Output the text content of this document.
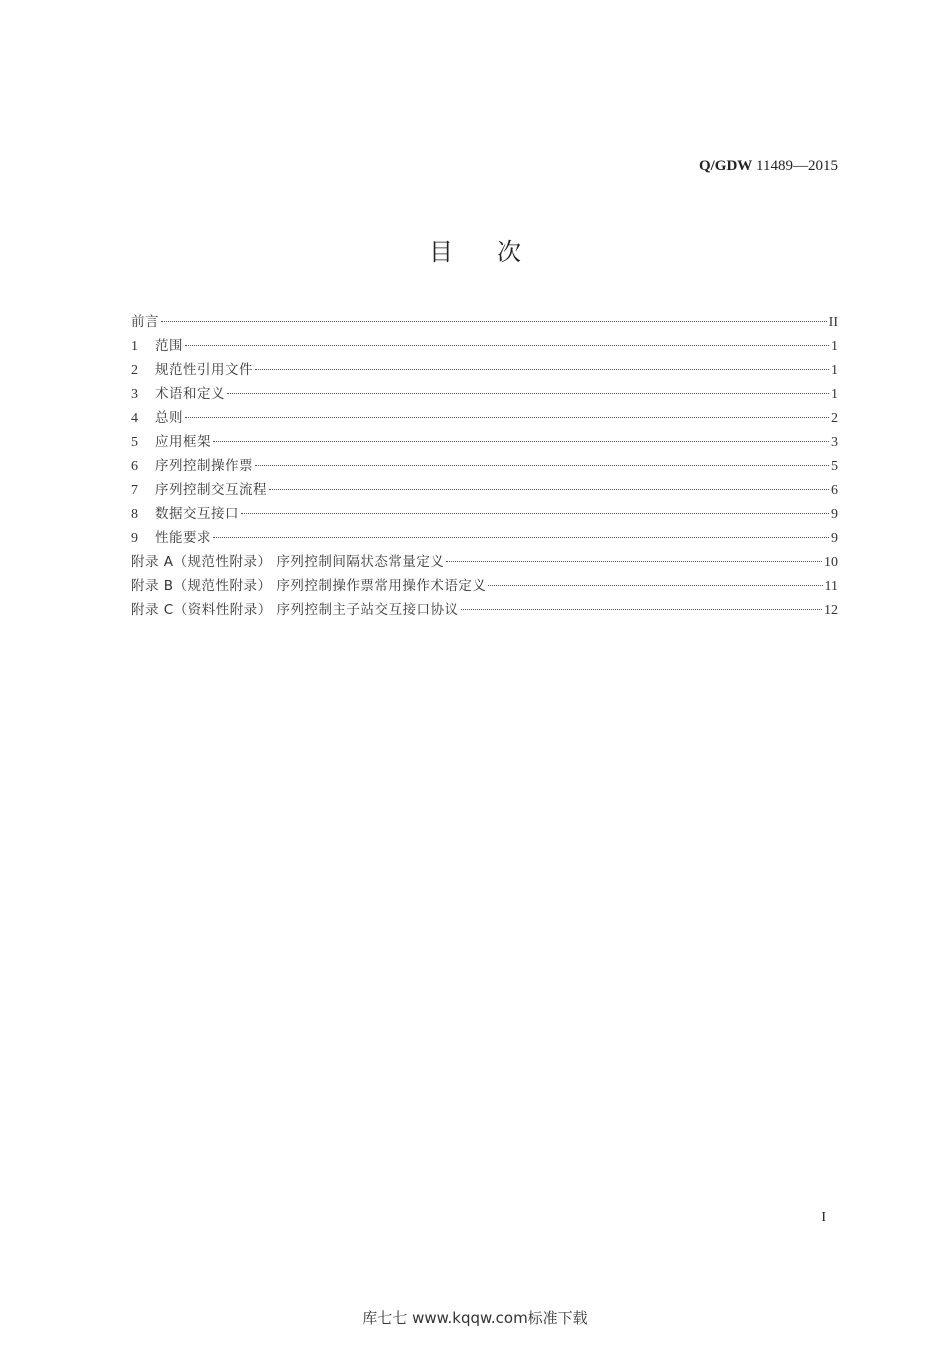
Q/GDW 11489—2015
目次
前言	II
1	范围	1
2	规范性引用文件	1
3	术语和定义	1
4	总则	2
5	应用框架	3
6	序列控制操作票	5
7	序列控制交互流程	6
8	数据交互接口	9
9	性能要求	9
附录 A（规范性附录） 序列控制间隔状态常量定义	10
附录 B（规范性附录） 序列控制操作票常用操作术语定义	11
附录 C（资料性附录） 序列控制主子站交互接口协议	12
I
库七七 www.kqqw.com标准下载
